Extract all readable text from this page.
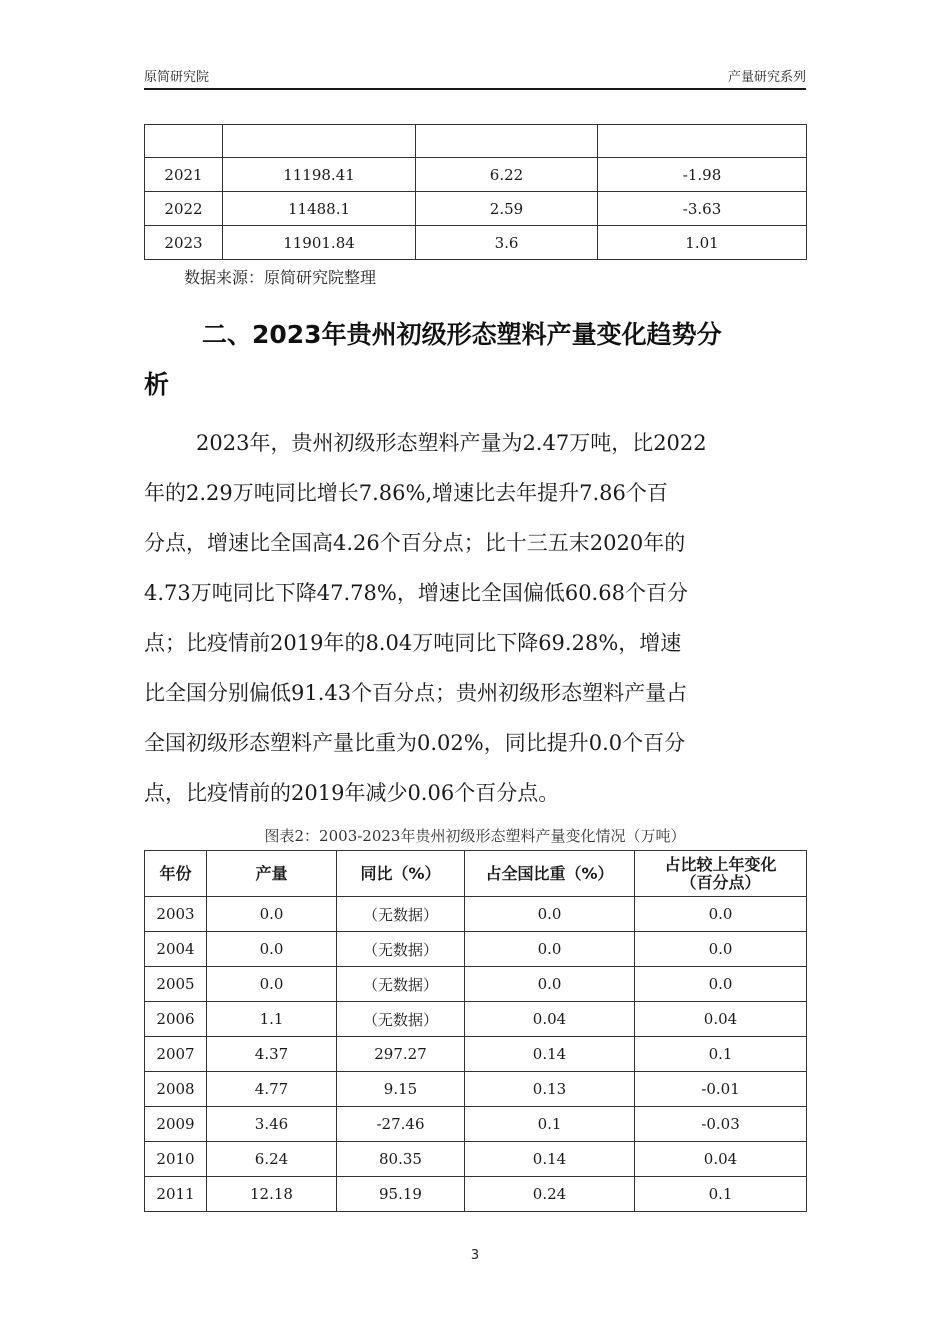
原简研究院	产量研究系列

2021	11198.41	6.22	-1.98
2022	11488.1	2.59	-3.63
2023	11901.84	3.6	1.01
数据来源：原简研究院整理
二、2023年贵州初级形态塑料产量变化趋势分
析
2023年，贵州初级形态塑料产量为2.47万吨，比2022
年的2.29万吨同比增长7.86%,增速比去年提升7.86个百
分点，增速比全国高4.26个百分点；比十三五末2020年的
4.73万吨同比下降47.78%，增速比全国偏低60.68个百分
点；比疫情前2019年的8.04万吨同比下降69.28%，增速
比全国分别偏低91.43个百分点；贵州初级形态塑料产量占
全国初级形态塑料产量比重为0.02%，同比提升0.0个百分
点，比疫情前的2019年减少0.06个百分点。
图表2：2003-2023年贵州初级形态塑料产量变化情况（万吨）
年份	产量	同比（%）	占全国比重（%）	占比较上年变化
（百分点）

2003	0.0	（无数据）	0.0	0.0
2004	0.0	（无数据）	0.0	0.0
2005	0.0	（无数据）	0.0	0.0
2006	1.1	（无数据）	0.04	0.04
2007	4.37	297.27	0.14	0.1
2008	4.77	9.15	0.13	-0.01
2009	3.46	-27.46	0.1	-0.03
2010	6.24	80.35	0.14	0.04
2011	12.18	95.19	0.24	0.1
3
